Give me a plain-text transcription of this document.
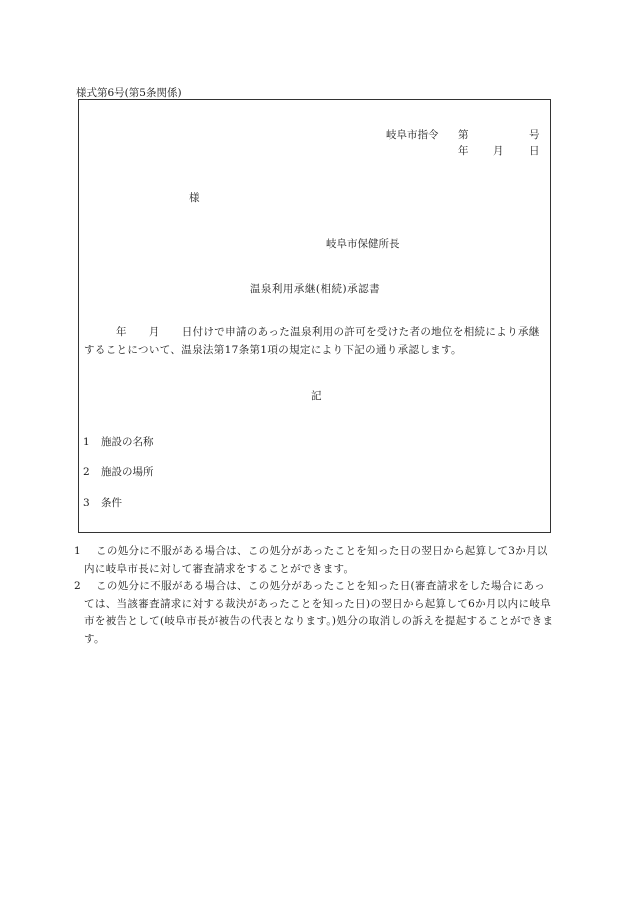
様式第6号(第5条関係)
岐阜市指令 第	号
年 月 日
様
岐阜市保健所長
温泉利用承継(相続)承認書
年 月 日付けで申請のあった温泉利用の許可を受けた者の地位を相続により承継することについて、温泉法第17条第1項の規定により下記の通り承認します。
記
1 施設の名称
2 施設の場所
3 条件
1	この処分に不服がある場合は、この処分があったことを知った日の翌日から起算して3か月以内に岐阜市長に対して審査請求をすることができます。
2	この処分に不服がある場合は、この処分があったことを知った日(審査請求をした場合にあっては、当該審査請求に対する裁決があったことを知った日)の翌日から起算して6か月以内に岐阜市を被告として(岐阜市長が被告の代表となります。)処分の取消しの訴えを提起することができます。
